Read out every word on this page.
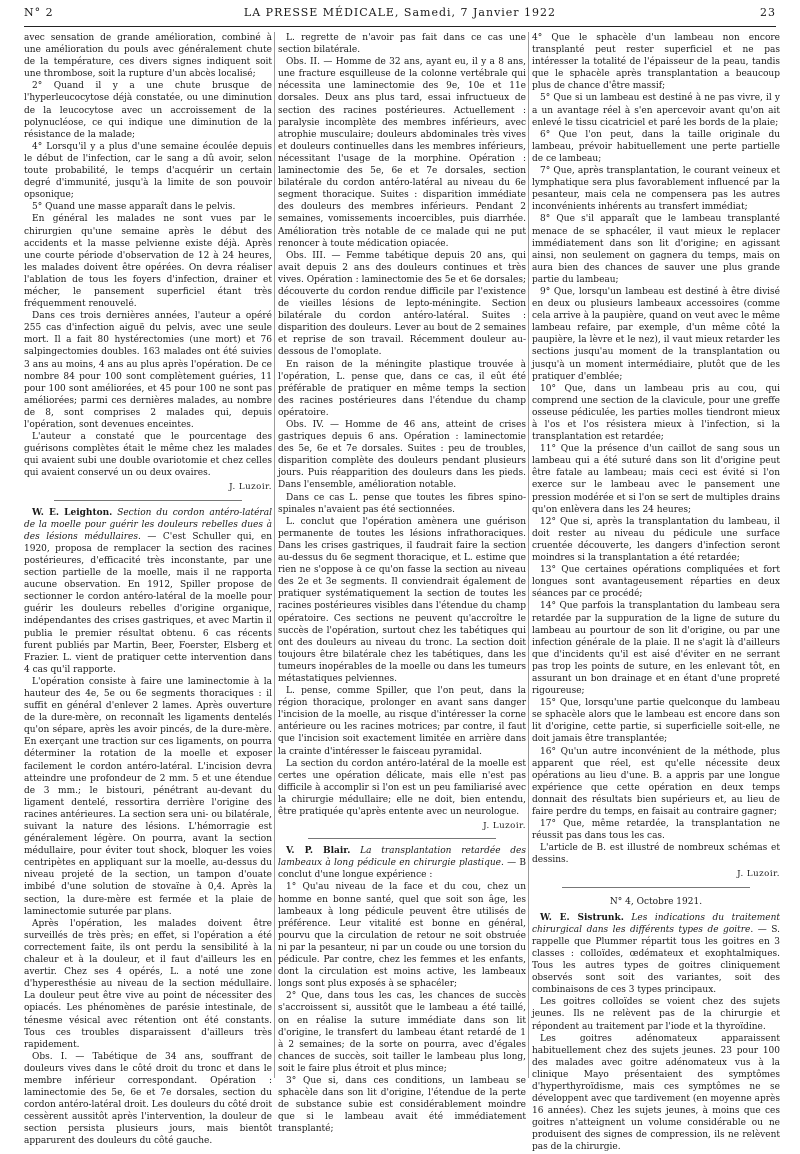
N° 2	LA PRESSE MÉDICALE, Samedi, 7 Janvier 1922	23

avec sensation de grande amélioration, combiné à une amélioration du pouls avec généralement chute de la température, ces divers signes indiquent soit une thrombose, soit la rupture d'un abcès localisé;

2° Quand il y a une chute brusque de l'hyperleucocytose déjà constatée, ou une diminution de la leucocytose avec un accroissement de la polynucléose, ce qui indique une diminution de la résistance de la malade;

4° Lorsqu'il y a plus d'une semaine écoulée depuis le début de l'infection, car le sang a dû avoir, selon toute probabilité, le temps d'acquérir un certain degré d'immunité, jusqu'à la limite de son pouvoir opsonique;

5° Quand une masse apparaît dans le pelvis.

En général les malades ne sont vues par le chirurgien qu'une semaine après le début des accidents et la masse pelvienne existe déjà. Après une courte période d'observation de 12 à 24 heures, les malades doivent être opérées. On devra réaliser l'ablation de tous les foyers d'infection, drainer et mécher, le pansement superficiel étant très fréquemment renouvelé.

Dans ces trois dernières années, l'auteur a opéré 255 cas d'infection aiguë du pelvis, avec une seule mort. Il a fait 80 hystérectomies (une mort) et 76 salpingectomies doubles. 163 malades ont été suivies 3 ans au moins, 4 ans au plus après l'opération. De ce nombre 84 pour 100 sont complètement guéries, 11 pour 100 sont améliorées, et 45 pour 100 ne sont pas améliorées; parmi ces dernières malades, au nombre de 8, sont comprises 2 malades qui, depuis l'opération, sont devenues enceintes.

L'auteur a constaté que le pourcentage des guérisons complètes était le même chez les malades qui avaient subi une double ovariotomie et chez celles qui avaient conservé un ou deux ovaires.

J. Luzoir.

W. E. Leighton. Section du cordon antéro-latéral de la moelle pour guérir les douleurs rebelles dues à des lésions médullaires. — C'est Schuller qui, en 1920, proposa de remplacer la section des racines postérieures, d'efficacité très inconstante, par une section partielle de la moelle, mais il ne rapporta aucune observation. En 1912, Spiller propose de sectionner le cordon antéro-latéral de la moelle pour guérir les douleurs rebelles d'origine organique, indépendantes des crises gastriques, et avec Martin il publia le premier résultat obtenu. 6 cas récents furent publiés par Martin, Beer, Foerster, Elsberg et Frazier. L. vient de pratiquer cette intervention dans 4 cas qu'il rapporte.

L'opération consiste à faire une laminectomie à la hauteur des 4e, 5e ou 6e segments thoraciques : il suffit en général d'enlever 2 lames. Après ouverture de la dure-mère, on reconnaît les ligaments dentelés qu'on sépare, après les avoir pincés, de la dure-mère. En exerçant une traction sur ces ligaments, on pourra déterminer la rotation de la moelle et exposer facilement le cordon antéro-latéral. L'incision devra atteindre une profondeur de 2 mm. 5 et une étendue de 3 mm.; le bistouri, pénétrant au-devant du ligament dentelé, ressortira derrière l'origine des racines antérieures. La section sera uni- ou bilatérale, suivant la nature des lésions. L'hémorragie est généralement légère. On pourra, avant la section médullaire, pour éviter tout shock, bloquer les voies centripètes en appliquant sur la moelle, au-dessus du niveau projeté de la section, un tampon d'ouate imbibé d'une solution de stovaïne à 0,4. Après la section, la dure-mère est fermée et la plaie de laminectomie suturée par plans.

Après l'opération, les malades doivent être surveillés de très près; en effet, si l'opération a été correctement faite, ils ont perdu la sensibilité à la chaleur et à la douleur, et il faut d'ailleurs les en avertir. Chez ses 4 opérés, L. a noté une zone d'hyperesthésie au niveau de la section médullaire. La douleur peut être vive au point de nécessiter des opiacés. Les phénomènes de parésie intestinale, de ténesme vésical avec rétention ont été constants. Tous ces troubles disparaissent d'ailleurs très rapidement.

Obs. I. — Tabétique de 34 ans, souffrant de douleurs vives dans le côté droit du tronc et dans le membre inférieur correspondant. Opération : laminectomie des 5e, 6e et 7e dorsales, section du cordon antéro-latéral droit. Les douleurs du côté droit cessèrent aussitôt après l'intervention, la douleur de section persista plusieurs jours, mais bientôt apparurent des douleurs du côté gauche.

L. regrette de n'avoir pas fait dans ce cas une section bilatérale.

Obs. II. — Homme de 32 ans, ayant eu, il y a 8 ans, une fracture esquilleuse de la colonne vertébrale qui nécessita une laminectomie des 9e, 10e et 11e dorsales. Deux ans plus tard, essai infructueux de section des racines postérieures. Actuellement : paralysie incomplète des membres inférieurs, avec atrophie musculaire; douleurs abdominales très vives et douleurs continuelles dans les membres inférieurs, nécessitant l'usage de la morphine. Opération : laminectomie des 5e, 6e et 7e dorsales, section bilatérale du cordon antéro-latéral au niveau du 6e segment thoracique. Suites : disparition immédiate des douleurs des membres inférieurs. Pendant 2 semaines, vomissements incoercibles, puis diarrhée. Amélioration très notable de ce malade qui ne put renoncer à toute médication opiacée.

Obs. III. — Femme tabétique depuis 20 ans, qui avait depuis 2 ans des douleurs continues et très vives. Opération : laminectomie des 5e et 6e dorsales; découverte du cordon rendue difficile par l'existence de vieilles lésions de lepto-méningite. Section bilatérale du cordon antéro-latéral. Suites : disparition des douleurs. Lever au bout de 2 semaines et reprise de son travail. Récemment douleur au-dessous de l'omoplate.

En raison de la méningite plastique trouvée à l'opération, L. pense que, dans ce cas, il eût été préférable de pratiquer en même temps la section des racines postérieures dans l'étendue du champ opératoire.

Obs. IV. — Homme de 46 ans, atteint de crises gastriques depuis 6 ans. Opération : laminectomie des 5e, 6e et 7e dorsales. Suites : peu de troubles, disparition complète des douleurs pendant plusieurs jours. Puis réapparition des douleurs dans les pieds. Dans l'ensemble, amélioration notable.

Dans ce cas L. pense que toutes les fibres spino-spinales n'avaient pas été sectionnées.

L. conclut que l'opération amènera une guérison permanente de toutes les lésions infrathoraciques. Dans les crises gastriques, il faudrait faire la section au-dessus du 6e segment thoracique, et L. estime que rien ne s'oppose à ce qu'on fasse la section au niveau des 2e et 3e segments. Il conviendrait également de pratiquer systématiquement la section de toutes les racines postérieures visibles dans l'étendue du champ opératoire. Ces sections ne peuvent qu'accroître le succès de l'opération, surtout chez les tabétiques qui ont des douleurs au niveau du tronc. La section doit toujours être bilatérale chez les tabétiques, dans les tumeurs inopérables de la moelle ou dans les tumeurs métastatiques pelviennes.

L. pense, comme Spiller, que l'on peut, dans la région thoracique, prolonger en avant sans danger l'incision de la moelle, au risque d'intéresser la corne antérieure ou les racines motrices; par contre, il faut que l'incision soit exactement limitée en arrière dans la crainte d'intéresser le faisceau pyramidal.

La section du cordon antéro-latéral de la moelle est certes une opération délicate, mais elle n'est pas difficile à accomplir si l'on est un peu familiarisé avec la chirurgie médullaire; elle ne doit, bien entendu, être pratiquée qu'après entente avec un neurologue.

J. Luzoir.

V. P. Blair. La transplantation retardée des lambeaux à long pédicule en chirurgie plastique. — B conclut d'une longue expérience :

1° Qu'au niveau de la face et du cou, chez un homme en bonne santé, quel que soit son âge, les lambeaux à long pédicule peuvent être utilisés de préférence. Leur vitalité est bonne en général, pourvu que la circulation de retour ne soit obstruée ni par la pesanteur, ni par un coude ou une torsion du pédicule. Par contre, chez les femmes et les enfants, dont la circulation est moins active, les lambeaux longs sont plus exposés à se sphacéler;

2° Que, dans tous les cas, les chances de succès s'accroissent si, aussitôt que le lambeau a été taillé, on en réalise la suture immédiate dans son lit d'origine, le transfert du lambeau étant retardé de 1 à 2 semaines; de la sorte on pourra, avec d'égales chances de succès, soit tailler le lambeau plus long, soit le faire plus étroit et plus mince;

3° Que si, dans ces conditions, un lambeau se sphacèle dans son lit d'origine, l'étendue de la perte de substance subie est considérablement moindre que si le lambeau avait été immédiatement transplanté;

4° Que le sphacèle d'un lambeau non encore transplanté peut rester superficiel et ne pas intéresser la totalité de l'épaisseur de la peau, tandis que le sphacèle après transplantation a beaucoup plus de chance d'être massif;

5° Que si un lambeau est destiné à ne pas vivre, il y a un avantage réel à s'en apercevoir avant qu'on ait enlevé le tissu cicatriciel et paré les bords de la plaie;

6° Que l'on peut, dans la taille originale du lambeau, prévoir habituellement une perte partielle de ce lambeau;

7° Que, après transplantation, le courant veineux et lymphatique sera plus favorablement influencé par la pesanteur, mais cela ne compensera pas les autres inconvénients inhérents au transfert immédiat;

8° Que s'il apparaît que le lambeau transplanté menace de se sphacéler, il vaut mieux le replacer immédiatement dans son lit d'origine; en agissant ainsi, non seulement on gagnera du temps, mais on aura bien des chances de sauver une plus grande partie du lambeau;

9° Que, lorsqu'un lambeau est destiné à être divisé en deux ou plusieurs lambeaux accessoires (comme cela arrive à la paupière, quand on veut avec le même lambeau refaire, par exemple, d'un même côté la paupière, la lèvre et le nez), il vaut mieux retarder les sections jusqu'au moment de la transplantation ou jusqu'à un moment intermédiaire, plutôt que de les pratiquer d'emblée;

10° Que, dans un lambeau pris au cou, qui comprend une section de la clavicule, pour une greffe osseuse pédiculée, les parties molles tiendront mieux à l'os et l'os résistera mieux à l'infection, si la transplantation est retardée;

11° Que la présence d'un caillot de sang sous un lambeau qui a été suturé dans son lit d'origine peut être fatale au lambeau; mais ceci est évité si l'on exerce sur le lambeau avec le pansement une pression modérée et si l'on se sert de multiples drains qu'on enlèvera dans les 24 heures;

12° Que si, après la transplantation du lambeau, il doit rester au niveau du pédicule une surface cruentée découverte, les dangers d'infection seront moindres si la transplantation a été retardée;

13° Que certaines opérations compliquées et fort longues sont avantageusement réparties en deux séances par ce procédé;

14° Que parfois la transplantation du lambeau sera retardée par la suppuration de la ligne de suture du lambeau au pourtour de son lit d'origine, ou par une infection générale de la plaie. Il ne s'agit là d'ailleurs que d'incidents qu'il est aisé d'éviter en ne serrant pas trop les points de suture, en les enlevant tôt, en assurant un bon drainage et en étant d'une propreté rigoureuse;

15° Que, lorsqu'une partie quelconque du lambeau se sphacèle alors que le lambeau est encore dans son lit d'origine, cette partie, si superficielle soit-elle, ne doit jamais être transplantée;

16° Qu'un autre inconvénient de la méthode, plus apparent que réel, est qu'elle nécessite deux opérations au lieu d'une. B. a appris par une longue expérience que cette opération en deux temps donnait des résultats bien supérieurs et, au lieu de faire perdre du temps, en faisait au contraire gagner;

17° Que, même retardée, la transplantation ne réussit pas dans tous les cas.

L'article de B. est illustré de nombreux schémas et dessins.

J. Luzoir.

N° 4, Octobre 1921.

W. E. Sistrunk. Les indications du traitement chirurgical dans les différents types de goitre. — S. rappelle que Plummer répartit tous les goitres en 3 classes : colloïdes, œdémateux et exophtalmiques. Tous les autres types de goitres cliniquement observés sont soit des variantes, soit des combinaisons de ces 3 types principaux.

Les goitres colloïdes se voient chez des sujets jeunes. Ils ne relèvent pas de la chirurgie et répondent au traitement par l'iode et la thyroïdine.

Les goitres adénomateux apparaissent habituellement chez des sujets jeunes. 23 pour 100 des malades avec goitre adénomateux vus à la clinique Mayo présentaient des symptômes d'hyperthyroïdisme, mais ces symptômes ne se développent avec que tardivement (en moyenne après 16 années). Chez les sujets jeunes, à moins que ces goitres n'atteignent un volume considérable ou ne produisent des signes de compression, ils ne relèvent pas de la chirurgie.
